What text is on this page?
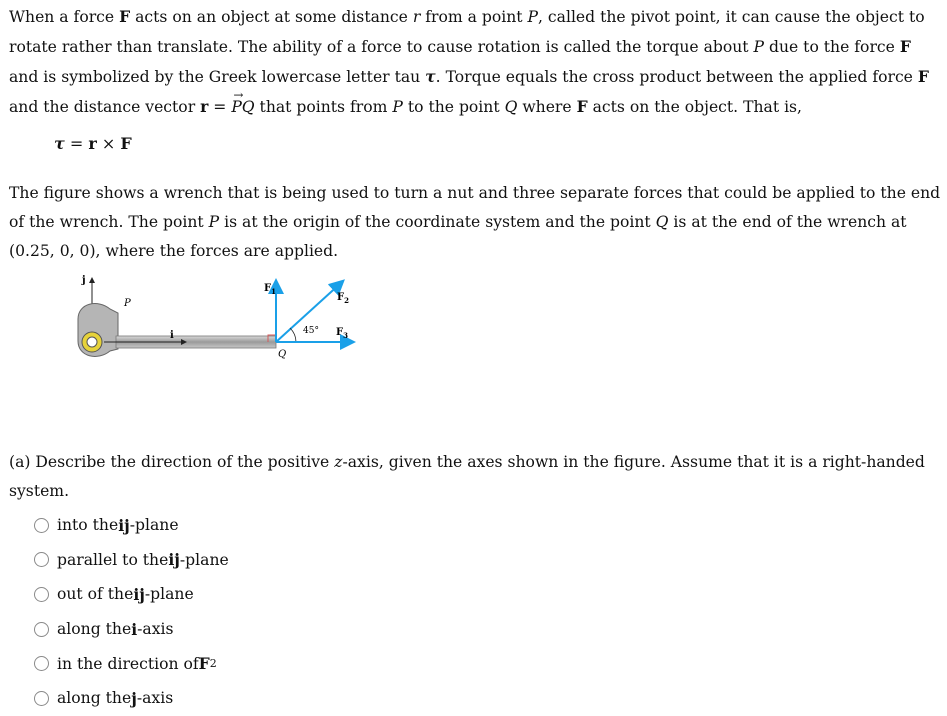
When a force F acts on an object at some distance r from a point P, called the pivot point, it can cause the object to rotate rather than translate. The ability of a force to cause rotation is called the torque about P due to the force F and is symbolized by the Greek lowercase letter tau τ. Torque equals the cross product between the applied force F and the distance vector r = PQ
→
that points from P to the point Q where F acts on the object. That is,

τ = r × F

The figure shows a wrench that is being used to turn a nut and three separate forces that could be applied to the end of the wrench. The point P is at the origin of the coordinate system and the point Q is at the end of the wrench at (0.25, 0, 0), where the forces are applied.

j
i
P
$F_1$
$F_2$
45° $F_3$
Q
(a) Describe the direction of the positive z-axis, given the axes shown in the figure. Assume that it is a right-handed system.
into the ij -plane
parallel to the ij -plane
out of the ij -plane
along the i -axis
in the direction of F 2
along the j -axis
